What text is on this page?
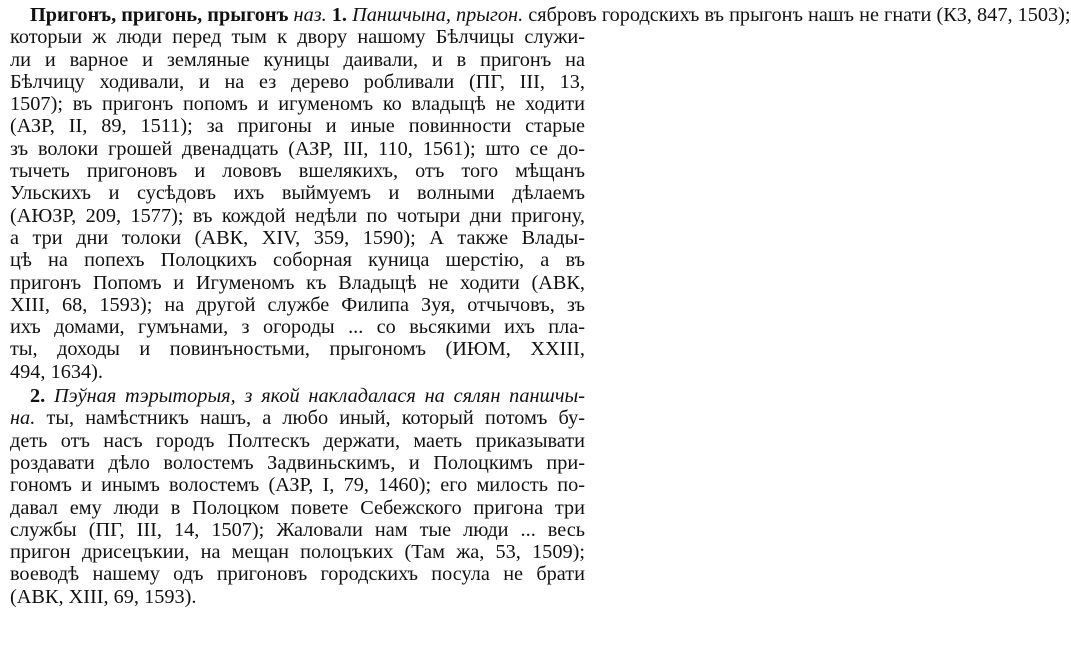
Пригонъ, пригонь, прыгонъ наз. 1. Паншчына, прыгон. сябровъ городскихъ въ прыгонъ нашъ не гнати (КЗ, 847, 1503);
которыи ж люди перед тым к двору нашому Бѣлчицы служи-
ли и варное и земляные куницы даивали, и в пригонъ на
Бѣлчицу ходивали, и на ез дерево робливали (ПГ, III, 13,
1507); въ пригонъ попомъ и игуменомъ ко владыцѣ не ходити
(АЗР, II, 89, 1511); за пригоны и иные повинности старые
зъ волоки грошей двенадцать (АЗР, III, 110, 1561); што се до-
тычеть пригоновъ и лововъ вшелякихъ, отъ того мѣщанъ
Ульскихъ и сусѣдовъ ихъ выймуемъ и волными дѣлаемъ
(АЮЗР, 209, 1577); въ кождой недѣли по чотыри дни пригону,
а три дни толоки (АВК, XIV, 359, 1590); А также Влады-
цѣ на попехъ Полоцкихъ соборная куница шерстiю, а въ
пригонъ Попомъ и Игуменомъ къ Владыцѣ не ходити (АВК,
XIII, 68, 1593); на другой службе Филипа Зуя, отчычовъ, зъ
ихъ домами, гумънами, з огороды ... со вьсякими ихъ пла-
ты, доходы и повинъностьми, прыгономъ (ИЮМ, XXIII,
494, 1634).
2. Пэўная тэрыторыя, з якой накладалася на сялян паншчы-
на. ты, намѣстникъ нашъ, а любо иный, который потомъ бу-
деть отъ насъ городъ Полтескъ держати, маеть приказывати
роздавати дѣло волостемъ Задвиньскимъ, и Полоцкимъ при-
гономъ и инымъ волостемъ (АЗР, I, 79, 1460); его милость по-
давал ему люди в Полоцком повете Себежского пригона три
службы (ПГ, III, 14, 1507); Жаловали нам тые люди ... весь
пригон дрисецъкии, на мещан полоцъких (Там жа, 53, 1509);
воеводѣ нашему одъ пригоновъ городскихъ посула не брати
(АВК, XIII, 69, 1593).
